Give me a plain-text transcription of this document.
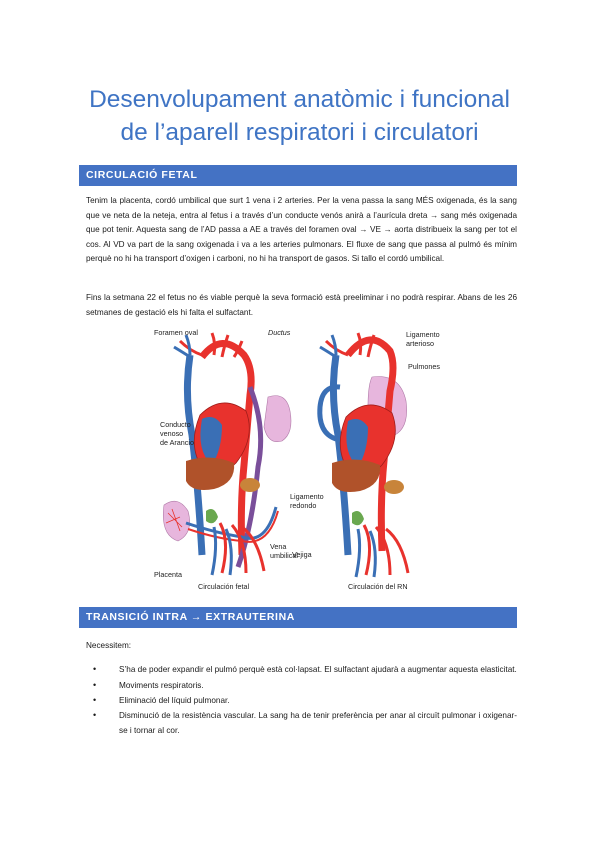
Desenvolupament anatòmic i funcional
de l’aparell respiratori i circulatori
CIRCULACIÓ FETAL
Tenim la placenta, cordó umbilical que surt 1 vena i 2 arteries. Per la vena passa la sang MÉS oxigenada, és la sang que ve neta de la neteja, entra al fetus i a través d’un conducte venós anirà a l’aurícula dreta → sang més oxigenada que pot tenir. Aquesta sang de l’AD passa a AE a través del foramen oval → VE → aorta distribueix la sang per tot el cos. Al VD va part de la sang oxigenada i va a les arteries pulmonars. El fluxe de sang que passa al pulmó és mínim perquè no hi ha transport d’oxigen i carboni, no hi ha transport de gasos. Si tallo el cordó umbilical.
Fins la setmana 22 el fetus no és viable perquè la seva formació està preeliminar i no podrà respirar. Abans de les 26 setmanes de gestació els hi falta el sulfactant.
Foramen oval	Ductus
Conducto
venoso
de Arancio
Placenta
Vena
umbilical
Circulación fetal
Ligamento
arterioso
Pulmones
Ligamento
redondo
Vejiga
Circulación del RN
TRANSICIÓ INTRA → EXTRAUTERINA
Necessitem:
•	S’ha de poder expandir el pulmó perquè està col·lapsat. El sulfactant ajudarà a augmentar aquesta elasticitat.
•	Moviments respiratoris.
•	Eliminació del líquid pulmonar.
•	Disminució de la resistència vascular. La sang ha de tenir preferència per anar al circuït pulmonar i oxigenar-se i tornar al cor.
